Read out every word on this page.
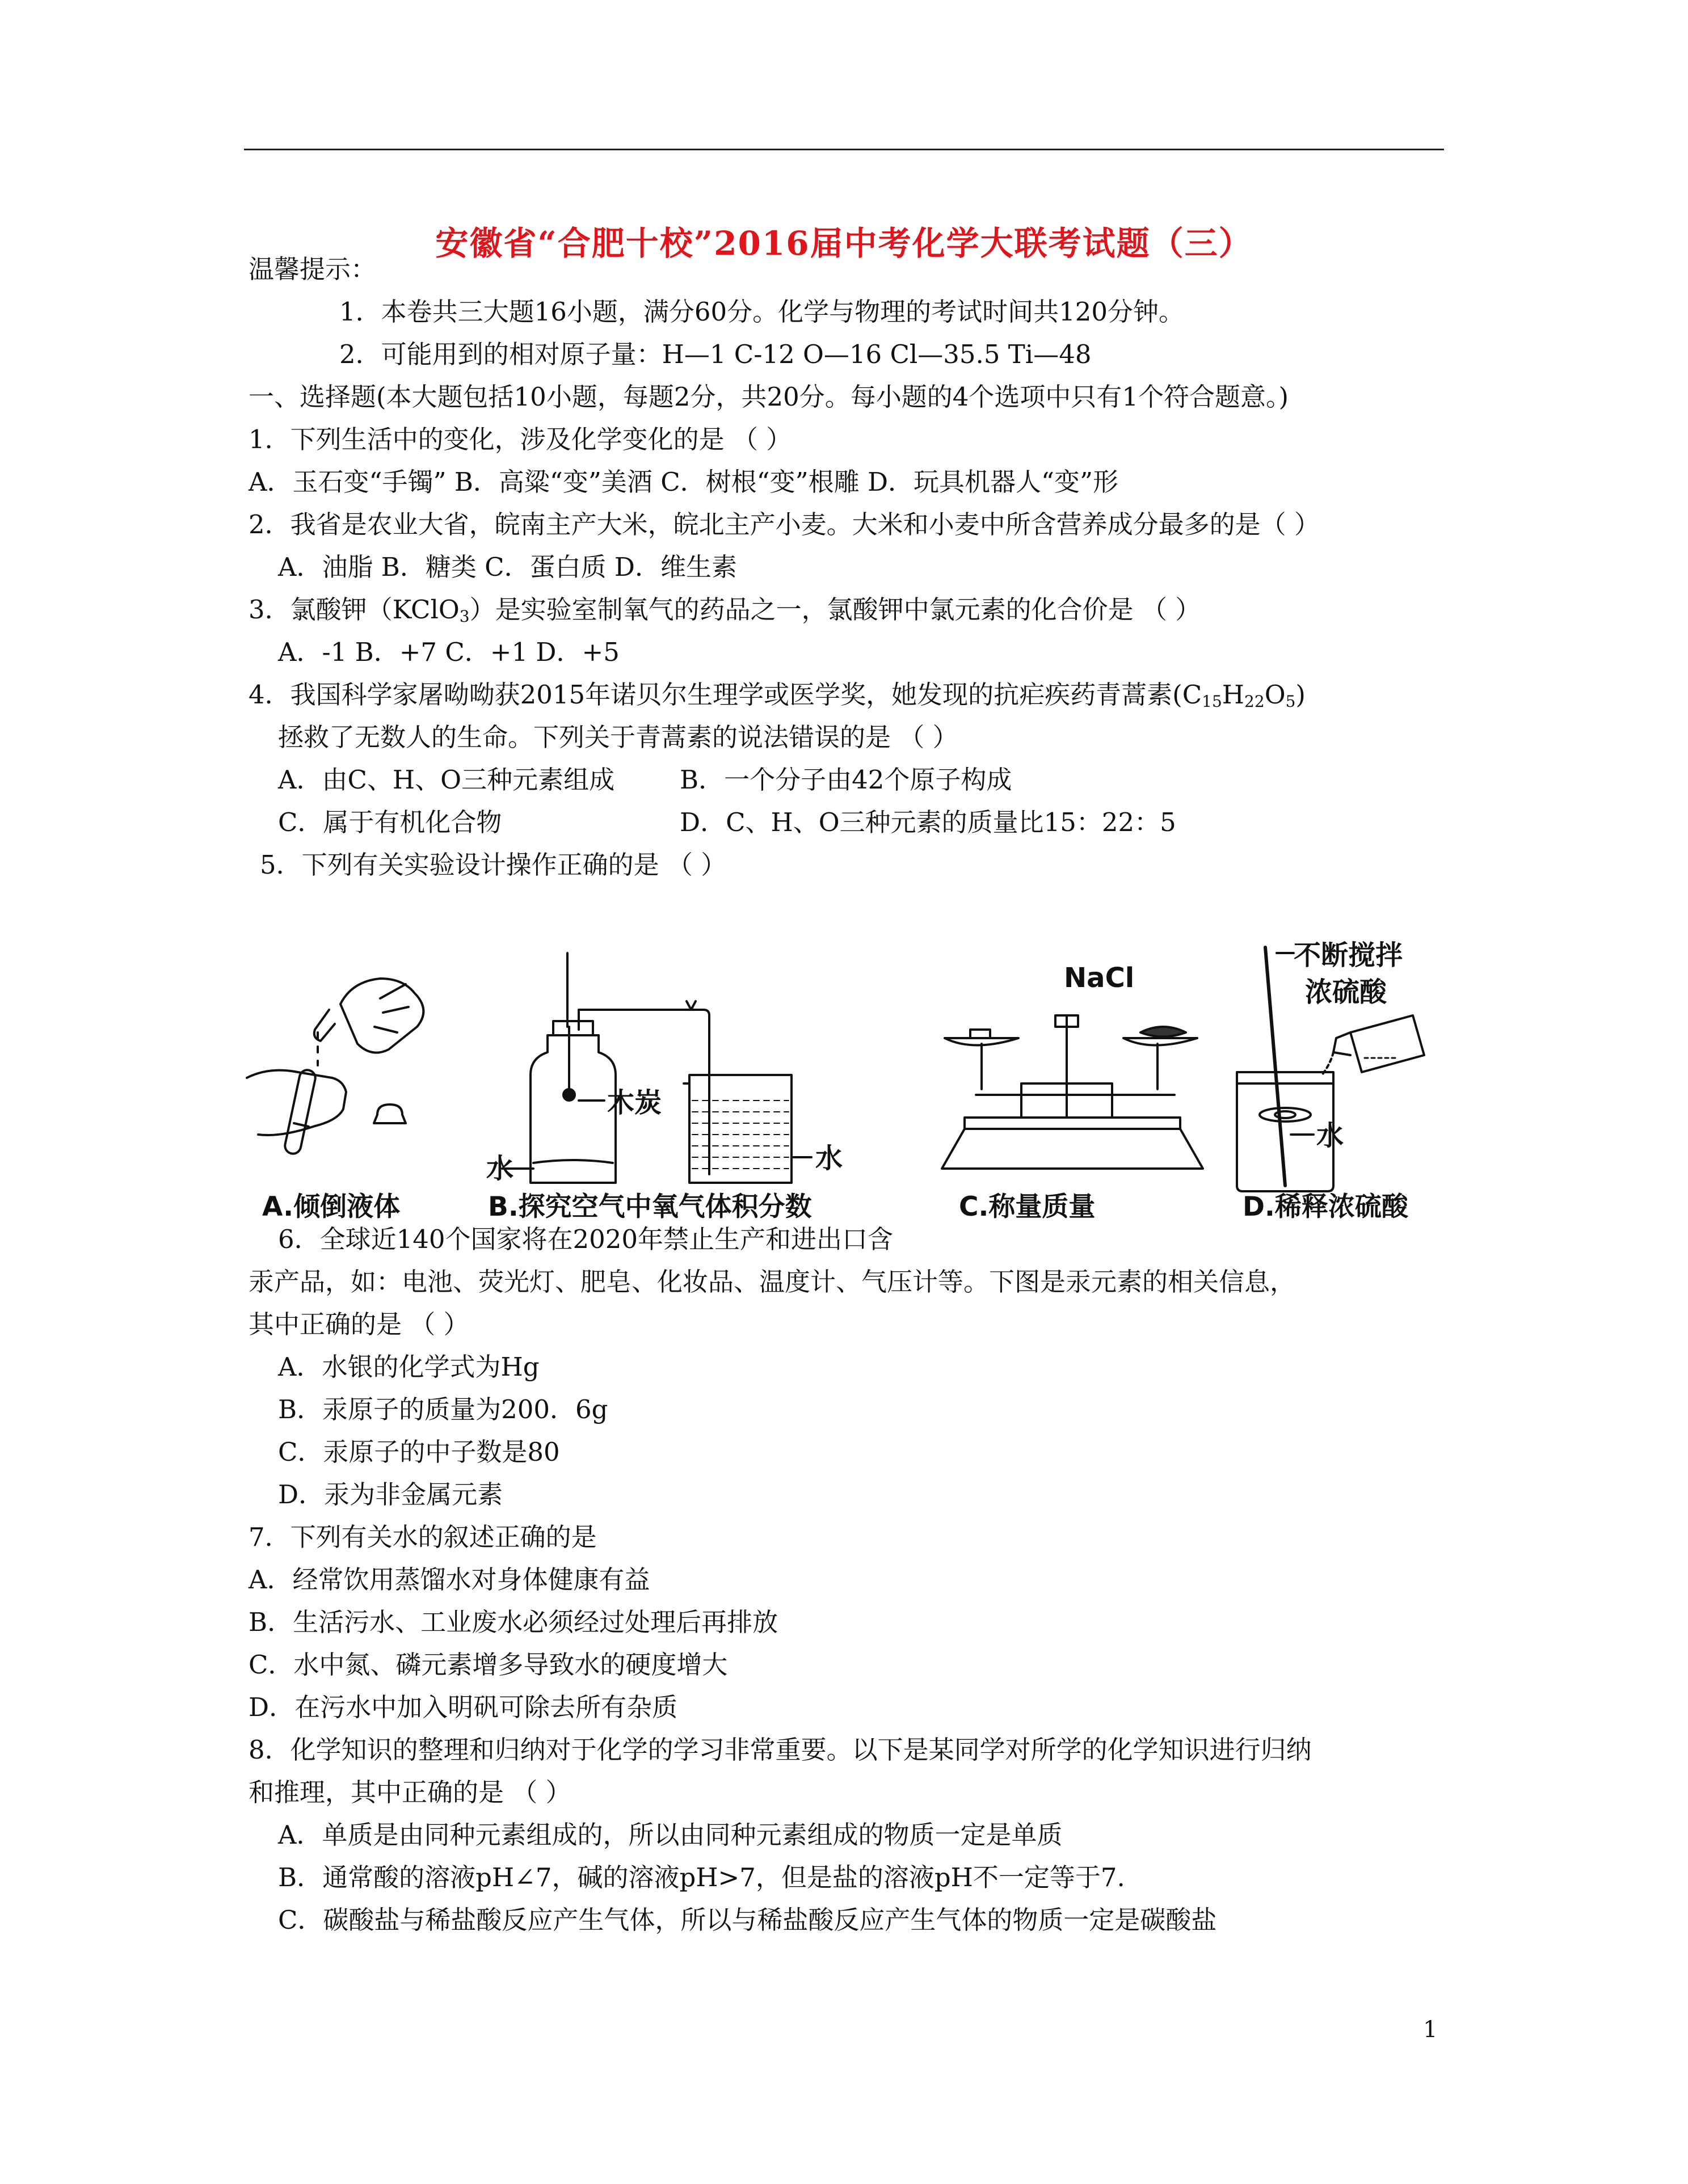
安徽省“合肥十校”2016届中考化学大联考试题（三）
温馨提示：
1．本卷共三大题16小题，满分60分。化学与物理的考试时间共120分钟。
2．可能用到的相对原子量：H—1 C-12 O—16 Cl—35.5 Ti—48
一、选择题(本大题包括10小题，每题2分，共20分。每小题的4个选项中只有1个符合题意。)
1．下列生活中的变化，涉及化学变化的是 （ ）
A．玉石变“手镯” B．高粱“变”美酒 C．树根“变”根雕 D．玩具机器人“变”形
2．我省是农业大省，皖南主产大米，皖北主产小麦。大米和小麦中所含营养成分最多的是（ ）
A．油脂 B．糖类 C．蛋白质 D．维生素
3．氯酸钾（KClO$_3$）是实验室制氧气的药品之一，氯酸钾中氯元素的化合价是 （ ）
A．-1 B．+7 C．+1 D．+5
4．我国科学家屠呦呦获2015年诺贝尔生理学或医学奖，她发现的抗疟疾药青蒿素$(C_{15}H_{22}O_5)$
拯救了无数人的生命。下列关于青蒿素的说法错误的是 （ ）
A．由C、H、O三种元素组成	B．一个分子由42个原子构成
C．属于有机化合物	D．C、H、O三种元素的质量比15：22：5
5．下列有关实验设计操作正确的是 （ ）
水
木炭
水
NaCl
不断搅拌
浓硫酸
水
A.倾倒液体	B.探究空气中氧气体积分数	C.称量质量	D.稀释浓硫酸
6．全球近140个国家将在2020年禁止生产和进出口含
汞产品，如：电池、荧光灯、肥皂、化妆品、温度计、气压计等。下图是汞元素的相关信息，
其中正确的是 （ ）
A．水银的化学式为Hg
B．汞原子的质量为200．6g
C．汞原子的中子数是80
D．汞为非金属元素
7．下列有关水的叙述正确的是
A．经常饮用蒸馏水对身体健康有益
B．生活污水、工业废水必须经过处理后再排放
C．水中氮、磷元素增多导致水的硬度增大
D．在污水中加入明矾可除去所有杂质
8．化学知识的整理和归纳对于化学的学习非常重要。以下是某同学对所学的化学知识进行归纳
和推理，其中正确的是 （ ）
A．单质是由同种元素组成的，所以由同种元素组成的物质一定是单质
B．通常酸的溶液pH∠7，碱的溶液pH>7，但是盐的溶液pH不一定等于7.
C．碳酸盐与稀盐酸反应产生气体，所以与稀盐酸反应产生气体的物质一定是碳酸盐
1
